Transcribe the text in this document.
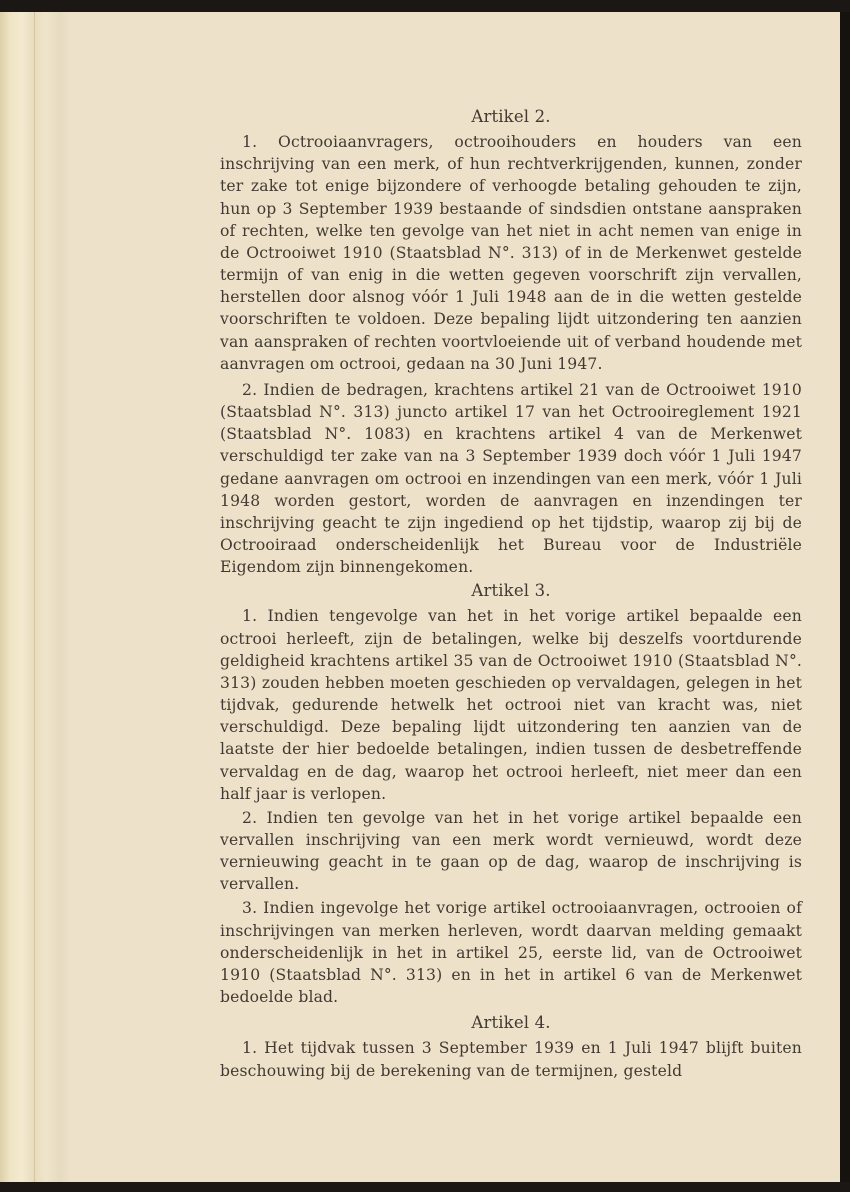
Artikel 2.

1. Octrooiaanvragers, octrooihouders en houders van een inschrijving van een merk, of hun rechtverkrijgenden, kunnen, zonder ter zake tot enige bijzondere of verhoogde betaling gehouden te zijn, hun op 3 September 1939 bestaande of sindsdien ontstane aanspraken of rechten, welke ten gevolge van het niet in acht nemen van enige in de Octrooiwet 1910 (Staatsblad N°. 313) of in de Merkenwet gestelde termijn of van enig in die wetten gegeven voorschrift zijn vervallen, herstellen door alsnog vóór 1 Juli 1948 aan de in die wetten gestelde voorschriften te voldoen. Deze bepaling lijdt uitzondering ten aanzien van aanspraken of rechten voortvloeiende uit of verband houdende met aanvragen om octrooi, gedaan na 30 Juni 1947.

2. Indien de bedragen, krachtens artikel 21 van de Octrooiwet 1910 (Staatsblad N°. 313) juncto artikel 17 van het Octrooireglement 1921 (Staatsblad N°. 1083) en krachtens artikel 4 van de Merkenwet verschuldigd ter zake van na 3 September 1939 doch vóór 1 Juli 1947 gedane aanvragen om octrooi en inzendingen van een merk, vóór 1 Juli 1948 worden gestort, worden de aanvragen en inzendingen ter inschrijving geacht te zijn ingediend op het tijdstip, waarop zij bij de Octrooiraad onderscheidenlijk het Bureau voor de Industriële Eigendom zijn binnengekomen.

Artikel 3.

1. Indien tengevolge van het in het vorige artikel bepaalde een octrooi herleeft, zijn de betalingen, welke bij deszelfs voortdurende geldigheid krachtens artikel 35 van de Octrooiwet 1910 (Staatsblad N°. 313) zouden hebben moeten geschieden op vervaldagen, gelegen in het tijdvak, gedurende hetwelk het octrooi niet van kracht was, niet verschuldigd. Deze bepaling lijdt uitzondering ten aanzien van de laatste der hier bedoelde betalingen, indien tussen de desbetreffende vervaldag en de dag, waarop het octrooi herleeft, niet meer dan een half jaar is verlopen.

2. Indien ten gevolge van het in het vorige artikel bepaalde een vervallen inschrijving van een merk wordt vernieuwd, wordt deze vernieuwing geacht in te gaan op de dag, waarop de inschrijving is vervallen.

3. Indien ingevolge het vorige artikel octrooiaanvragen, octrooien of inschrijvingen van merken herleven, wordt daarvan melding gemaakt onderscheidenlijk in het in artikel 25, eerste lid, van de Octrooiwet 1910 (Staatsblad N°. 313) en in het in artikel 6 van de Merkenwet bedoelde blad.

Artikel 4.

1. Het tijdvak tussen 3 September 1939 en 1 Juli 1947 blijft buiten beschouwing bij de berekening van de termijnen, gesteld
